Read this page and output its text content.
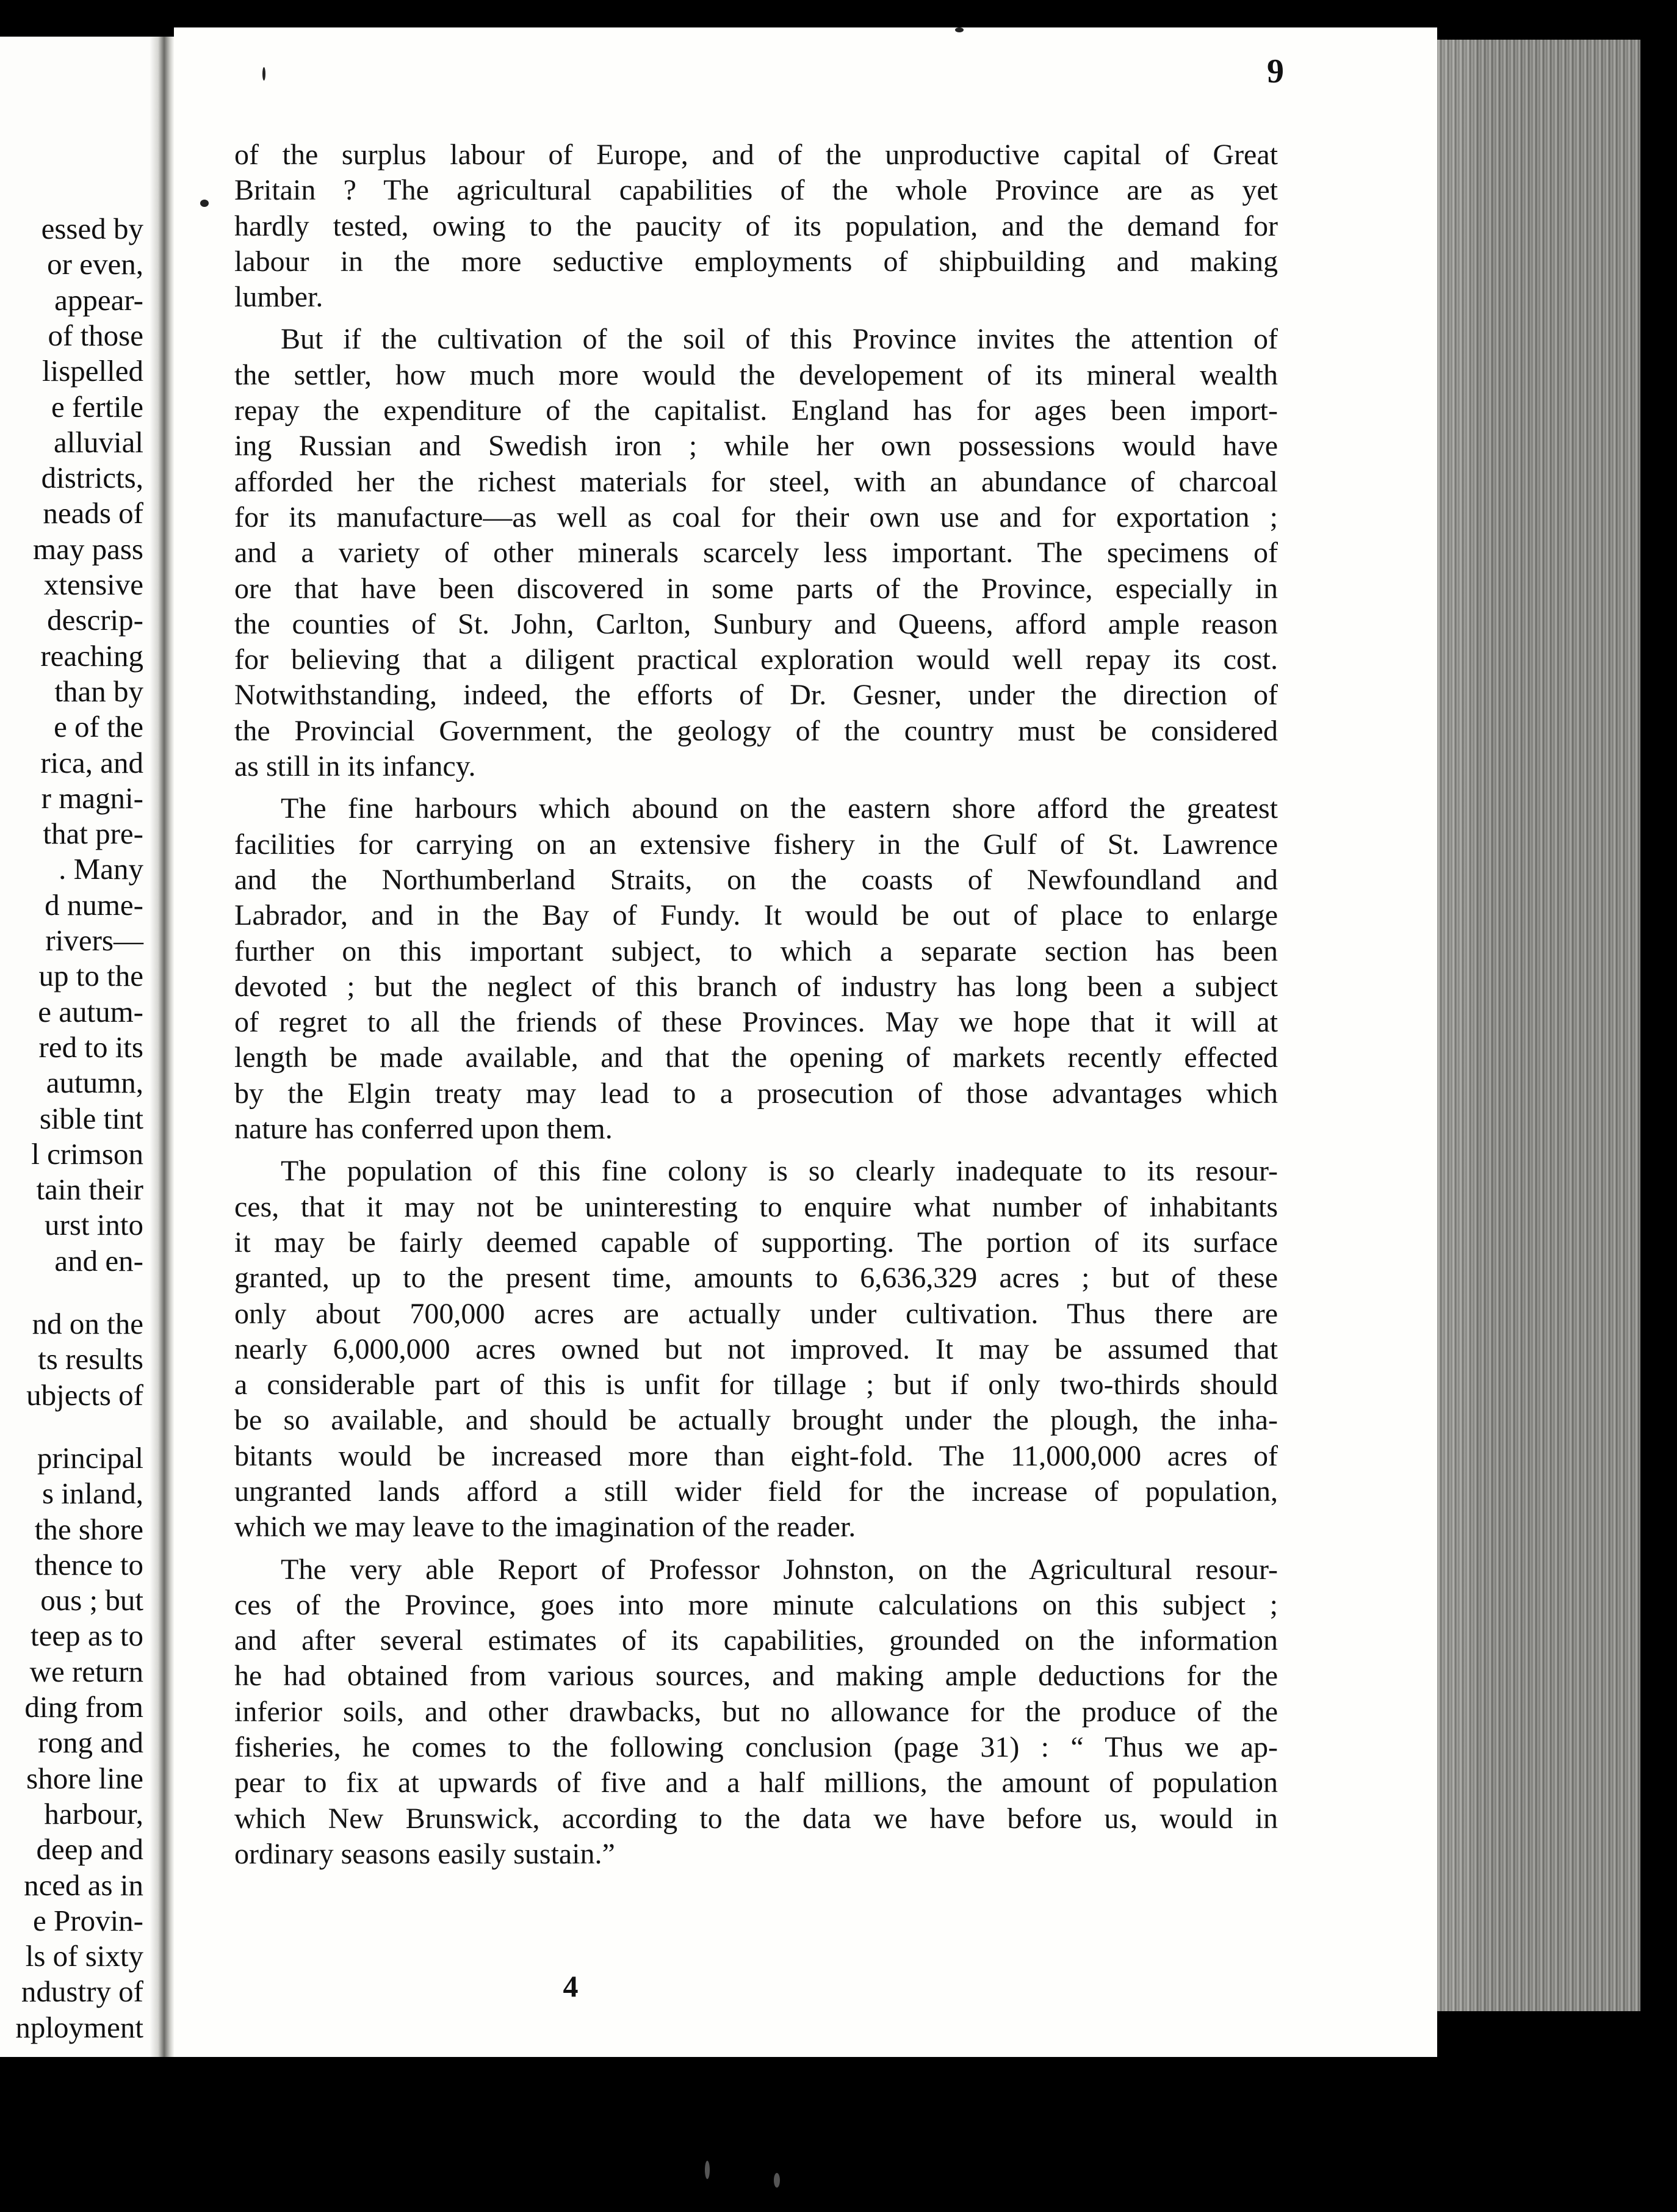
essed by
or even,
appear-
of those
lispelled
e fertile
alluvial
districts,
neads of
may pass
xtensive
descrip-
reaching
than by
e of the
rica, and
r magni-
that pre-
. Many
d nume-
rivers—
up to the
e autum-
red to its
autumn,
sible tint
l crimson
tain their
urst into
and en-
nd on the
ts results
ubjects of
principal
s inland,
the shore
thence to
ous ; but
teep as to
we return
ding from
rong and
shore line
harbour,
deep and
nced as in
e Provin-
ls of sixty
ndustry of
nployment
9
of the surplus labour of Europe, and of the unproductive capital of Great
Britain ? The agricultural capabilities of the whole Province are as yet
hardly tested, owing to the paucity of its population, and the demand for
labour in the more seductive employments of shipbuilding and making
lumber.
But if the cultivation of the soil of this Province invites the attention of
the settler, how much more would the developement of its mineral wealth
repay the expenditure of the capitalist. England has for ages been import-
ing Russian and Swedish iron ; while her own possessions would have
afforded her the richest materials for steel, with an abundance of charcoal
for its manufacture—as well as coal for their own use and for exportation ;
and a variety of other minerals scarcely less important. The specimens of
ore that have been discovered in some parts of the Province, especially in
the counties of St. John, Carlton, Sunbury and Queens, afford ample reason
for believing that a diligent practical exploration would well repay its cost.
Notwithstanding, indeed, the efforts of Dr. Gesner, under the direction of
the Provincial Government, the geology of the country must be considered
as still in its infancy.
The fine harbours which abound on the eastern shore afford the greatest
facilities for carrying on an extensive fishery in the Gulf of St. Lawrence
and the Northumberland Straits, on the coasts of Newfoundland and
Labrador, and in the Bay of Fundy. It would be out of place to enlarge
further on this important subject, to which a separate section has been
devoted ; but the neglect of this branch of industry has long been a subject
of regret to all the friends of these Provinces. May we hope that it will at
length be made available, and that the opening of markets recently effected
by the Elgin treaty may lead to a prosecution of those advantages which
nature has conferred upon them.
The population of this fine colony is so clearly inadequate to its resour-
ces, that it may not be uninteresting to enquire what number of inhabitants
it may be fairly deemed capable of supporting. The portion of its surface
granted, up to the present time, amounts to 6,636,329 acres ; but of these
only about 700,000 acres are actually under cultivation. Thus there are
nearly 6,000,000 acres owned but not improved. It may be assumed that
a considerable part of this is unfit for tillage ; but if only two-thirds should
be so available, and should be actually brought under the plough, the inha-
bitants would be increased more than eight-fold. The 11,000,000 acres of
ungranted lands afford a still wider field for the increase of population,
which we may leave to the imagination of the reader.
The very able Report of Professor Johnston, on the Agricultural resour-
ces of the Province, goes into more minute calculations on this subject ;
and after several estimates of its capabilities, grounded on the information
he had obtained from various sources, and making ample deductions for the
inferior soils, and other drawbacks, but no allowance for the produce of the
fisheries, he comes to the following conclusion (page 31) : “ Thus we ap-
pear to fix at upwards of five and a half millions, the amount of population
which New Brunswick, according to the data we have before us, would in
ordinary seasons easily sustain.”
4
